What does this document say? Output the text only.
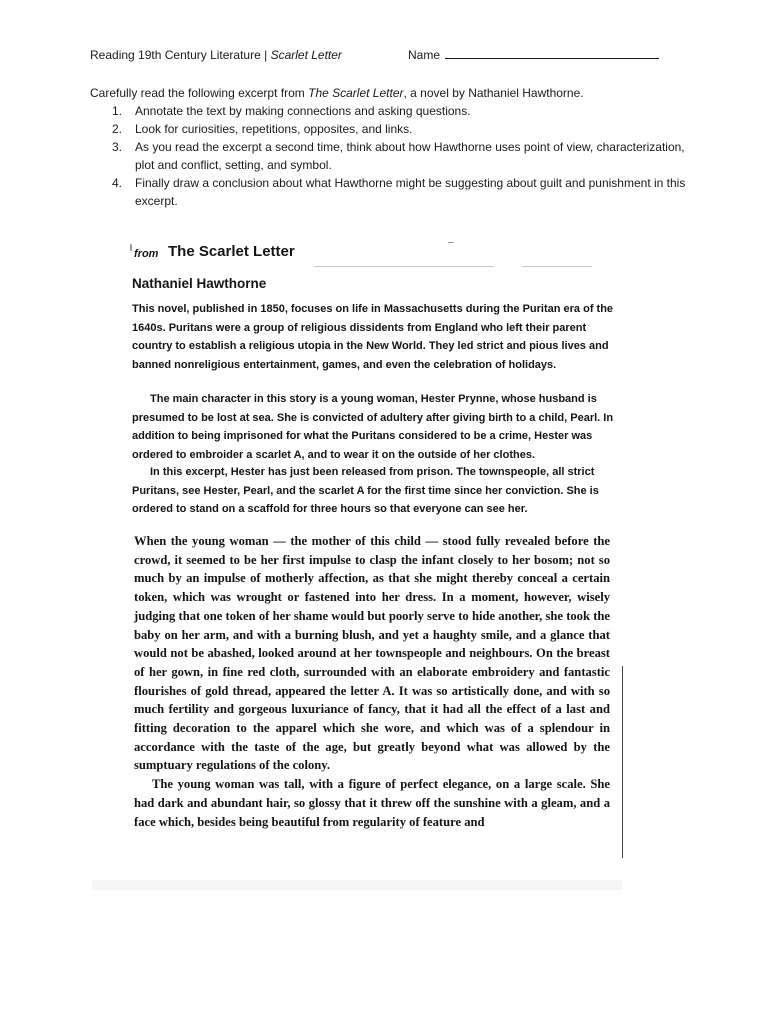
Reading 19th Century Literature | Scarlet Letter	Name
Carefully read the following excerpt from The Scarlet Letter, a novel by Nathaniel Hawthorne.
1. Annotate the text by making connections and asking questions.
2. Look for curiosities, repetitions, opposites, and links.
3. As you read the excerpt a second time, think about how Hawthorne uses point of view, characterization, plot and conflict, setting, and symbol.
4. Finally draw a conclusion about what Hawthorne might be suggesting about guilt and punishment in this excerpt.
from The Scarlet Letter
Nathaniel Hawthorne
This novel, published in 1850, focuses on life in Massachusetts during the Puritan era of the 1640s. Puritans were a group of religious dissidents from England who left their parent country to establish a religious utopia in the New World. They led strict and pious lives and banned nonreligious entertainment, games, and even the celebration of holidays.
The main character in this story is a young woman, Hester Prynne, whose husband is presumed to be lost at sea. She is convicted of adultery after giving birth to a child, Pearl. In addition to being imprisoned for what the Puritans considered to be a crime, Hester was ordered to embroider a scarlet A, and to wear it on the outside of her clothes.
In this excerpt, Hester has just been released from prison. The townspeople, all strict Puritans, see Hester, Pearl, and the scarlet A for the first time since her conviction. She is ordered to stand on a scaffold for three hours so that everyone can see her.

When the young woman — the mother of this child — stood fully revealed before the crowd, it seemed to be her first impulse to clasp the infant closely to her bosom; not so much by an impulse of motherly affection, as that she might thereby conceal a certain token, which was wrought or fastened into her dress. In a moment, however, wisely judging that one token of her shame would but poorly serve to hide another, she took the baby on her arm, and with a burning blush, and yet a haughty smile, and a glance that would not be abashed, looked around at her townspeople and neighbours. On the breast of her gown, in fine red cloth, surrounded with an elaborate embroidery and fantastic flourishes of gold thread, appeared the letter A. It was so artistically done, and with so much fertility and gorgeous luxuriance of fancy, that it had all the effect of a last and fitting decoration to the apparel which she wore, and which was of a splendour in accordance with the taste of the age, but greatly beyond what was allowed by the sumptuary regulations of the colony.

The young woman was tall, with a figure of perfect elegance, on a large scale. She had dark and abundant hair, so glossy that it threw off the sunshine with a gleam, and a face which, besides being beautiful from regularity of feature and
